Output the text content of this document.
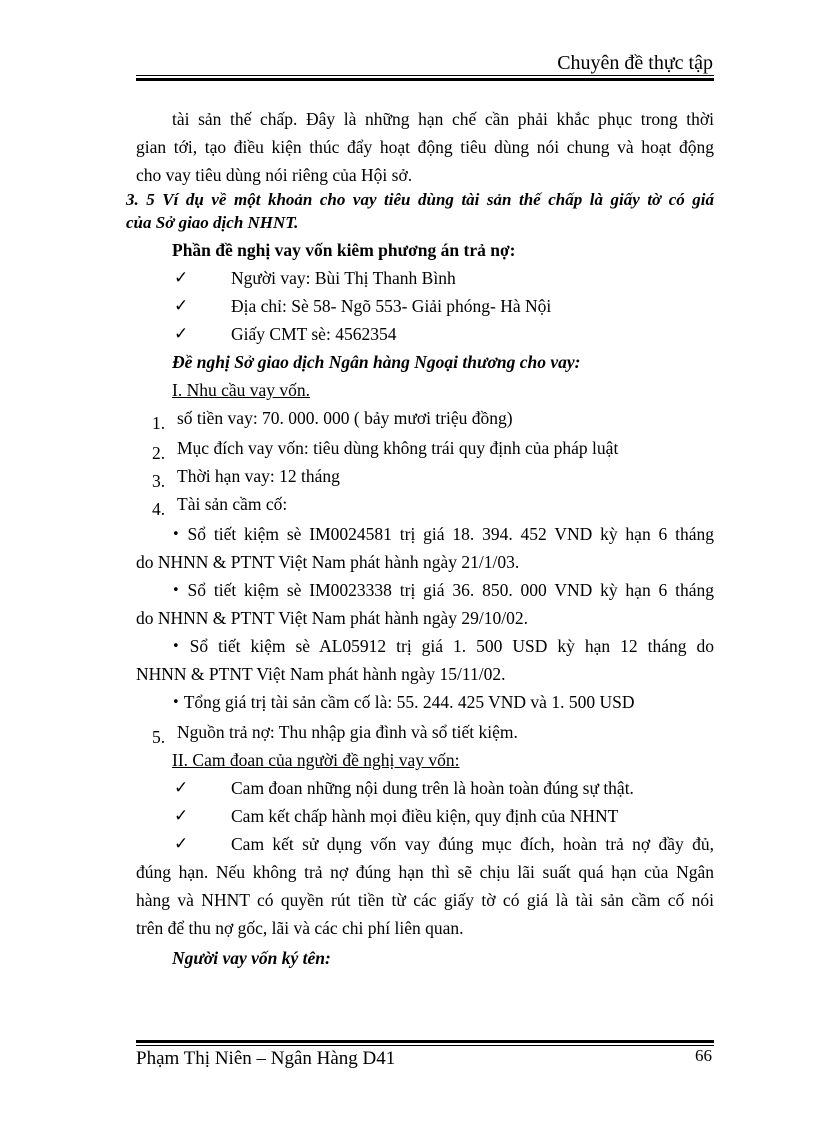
Chuyên đề thực tập
tài sản thế chấp. Đây là những hạn chế cần phải khắc phục trong thời
gian tới, tạo điều kiện thúc đẩy hoạt động tiêu dùng nói chung và hoạt động
cho vay tiêu dùng nói riêng của Hội sở.
3. 5 Ví dụ về một khoản cho vay tiêu dùng tài sản thế chấp là giấy tờ có giá
của Sở giao dịch NHNT.
Phần đề nghị vay vốn kiêm phương án trả nợ:
✓ Người vay: Bùi Thị Thanh Bình
✓ Địa chỉ: Sè 58- Ngõ 553- Giải phóng- Hà Nội
✓ Giấy CMT sè: 4562354
Đề nghị Sở giao dịch Ngân hàng Ngoại thương cho vay:
I. Nhu cầu vay vốn.
1. số tiền vay: 70. 000. 000 ( bảy mươi triệu đồng)
2. Mục đích vay vốn: tiêu dùng không trái quy định của pháp luật
3. Thời hạn vay: 12 tháng
4. Tài sản cầm cố:
• Sổ tiết kiệm sè IM0024581 trị giá 18. 394. 452 VND kỳ hạn 6 tháng
do NHNN & PTNT Việt Nam phát hành ngày 21/1/03.
• Sổ tiết kiệm sè IM0023338 trị giá 36. 850. 000 VND kỳ hạn 6 tháng
do NHNN & PTNT Việt Nam phát hành ngày 29/10/02.
• Sổ tiết kiệm sè AL05912 trị giá 1. 500 USD kỳ hạn 12 tháng do
NHNN & PTNT Việt Nam phát hành ngày 15/11/02.
• Tổng giá trị tài sản cầm cố là: 55. 244. 425 VND và 1. 500 USD
5. Nguồn trả nợ: Thu nhập gia đình và sổ tiết kiệm.
II. Cam đoan của người đề nghị vay vốn:
✓ Cam đoan những nội dung trên là hoàn toàn đúng sự thật.
✓ Cam kết chấp hành mọi điều kiện, quy định của NHNT
✓ Cam kết sử dụng vốn vay đúng mục đích, hoàn trả nợ đầy đủ,
đúng hạn. Nếu không trả nợ đúng hạn thì sẽ chịu lãi suất quá hạn của Ngân
hàng và NHNT có quyền rút tiền từ các giấy tờ có giá là tài sản cầm cố nói
trên để thu nợ gốc, lãi và các chi phí liên quan.
Người vay vốn ký tên:
Phạm Thị Niên – Ngân Hàng D41	66
